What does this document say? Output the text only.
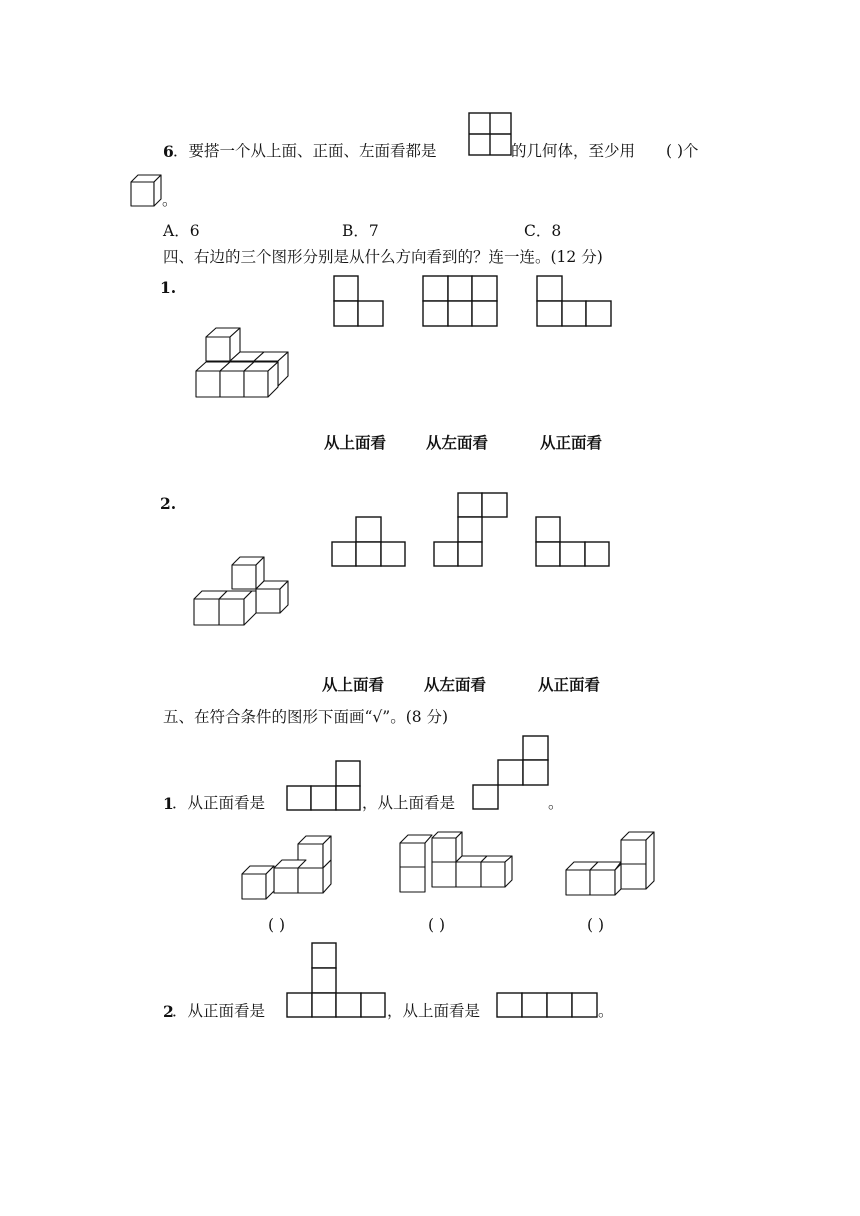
6 ．要搭一个从上面、正面、左面看都是	的几何体，至少用 ( )个
。
A．6	B．7	C．8
四、右边的三个图形分别是从什么方向看到的？连一连。(12 分)
1.
从上面看	从左面看	从正面看
2.
从上面看	从左面看	从正面看
五、在符合条件的图形下面画“√”。(8 分)
1
．从正面看是	，从上面看是	。
( )	( )	( )
2
．从正面看是	，从上面看是	。
